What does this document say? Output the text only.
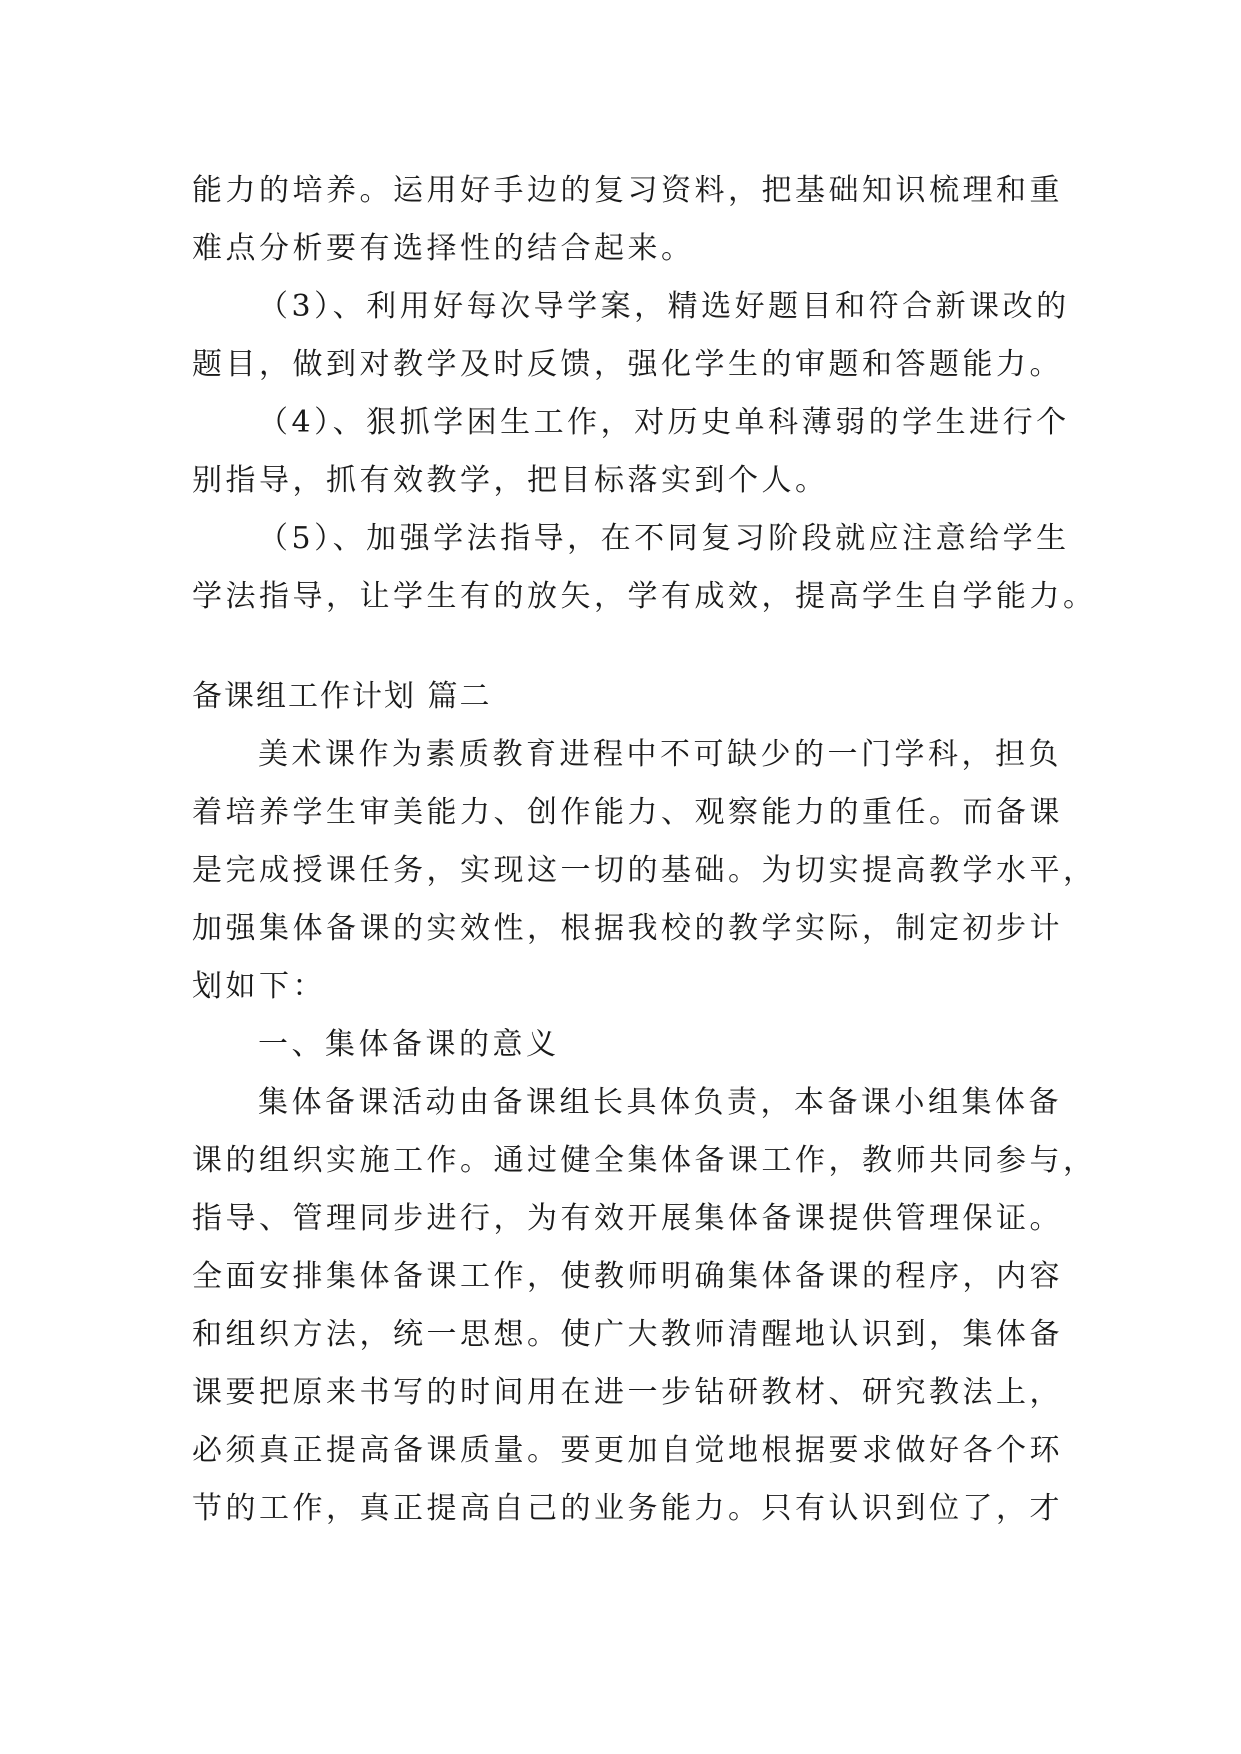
能力的培养。运用好手边的复习资料，把基础知识梳理和重
难点分析要有选择性的结合起来。
（3）、利用好每次导学案，精选好题目和符合新课改的
题目，做到对教学及时反馈，强化学生的审题和答题能力。
（4）、狠抓学困生工作，对历史单科薄弱的学生进行个
别指导，抓有效教学，把目标落实到个人。
（5）、加强学法指导，在不同复习阶段就应注意给学生
学法指导，让学生有的放矢，学有成效，提高学生自学能力。
备课组工作计划 篇二
美术课作为素质教育进程中不可缺少的一门学科，担负
着培养学生审美能力、创作能力、观察能力的重任。而备课
是完成授课任务，实现这一切的基础。为切实提高教学水平，
加强集体备课的实效性，根据我校的教学实际，制定初步计
划如下：
一、集体备课的意义
集体备课活动由备课组长具体负责，本备课小组集体备
课的组织实施工作。通过健全集体备课工作，教师共同参与，
指导、管理同步进行，为有效开展集体备课提供管理保证。
全面安排集体备课工作，使教师明确集体备课的程序，内容
和组织方法，统一思想。使广大教师清醒地认识到，集体备
课要把原来书写的时间用在进一步钻研教材、研究教法上，
必须真正提高备课质量。要更加自觉地根据要求做好各个环
节的工作，真正提高自己的业务能力。只有认识到位了，才
